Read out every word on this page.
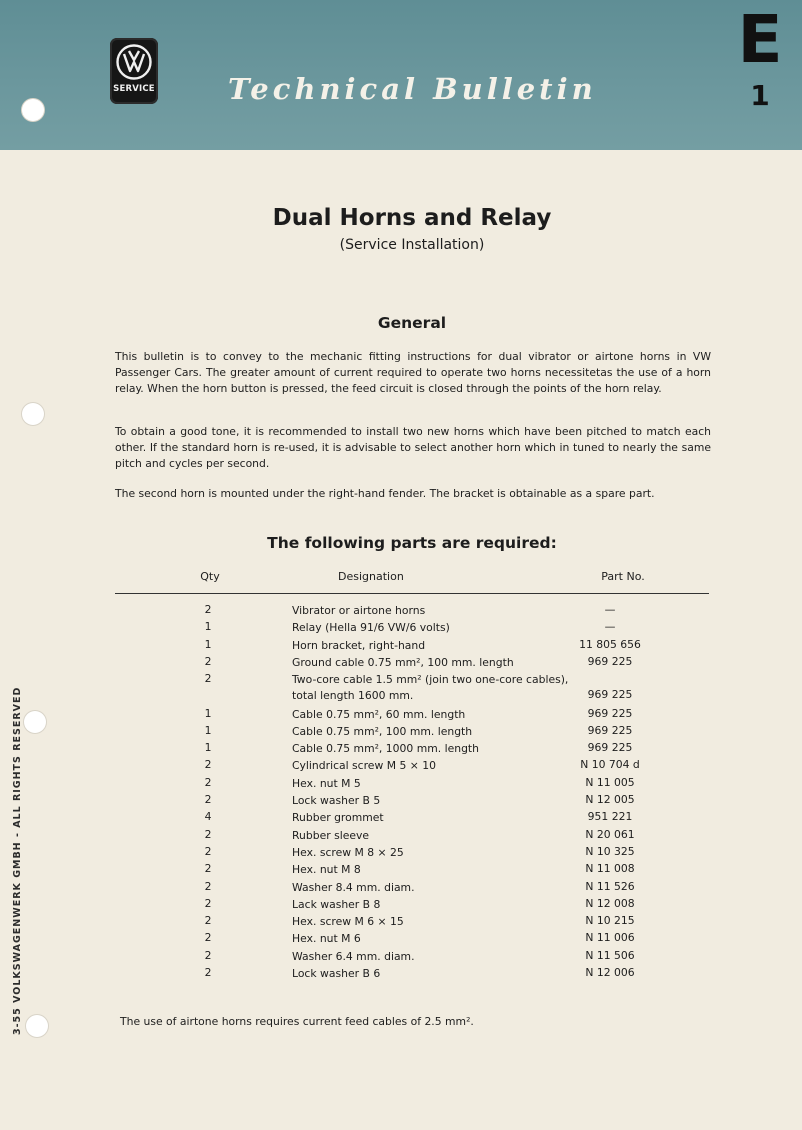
SERVICE	Technical Bulletin
E
1
3-55 VOLKSWAGENWERK GMBH - ALL RIGHTS RESERVED
Dual Horns and Relay
(Service Installation)
General
This bulletin is to convey to the mechanic fitting instructions for dual vibrator or airtone horns in VW Passenger Cars. The greater amount of current required to operate two horns necessitetas the use of a horn relay. When the horn button is pressed, the feed circuit is closed through the points of the horn relay.
To obtain a good tone, it is recommended to install two new horns which have been pitched to match each other. If the standard horn is re-used, it is advisable to select another horn which in tuned to nearly the same pitch and cycles per second.
The second horn is mounted under the right-hand fender. The bracket is obtainable as a spare part.
The following parts are required:
Qty	Designation	Part No.
2	Vibrator or airtone horns	—
1	Relay (Hella 91/6 VW/6 volts)	—
1	Horn bracket, right-hand	11 805 656
2	Ground cable 0.75 mm², 100 mm. length	969 225
2	Two-core cable 1.5 mm² (join two one-core cables), total length 1600 mm.	969 225
1	Cable 0.75 mm², 60 mm. length	969 225
1	Cable 0.75 mm², 100 mm. length	969 225
1	Cable 0.75 mm², 1000 mm. length	969 225
2	Cylindrical screw M 5 × 10	N 10 704 d
2	Hex. nut M 5	N 11 005
2	Lock washer B 5	N 12 005
4	Rubber grommet	951 221
2	Rubber sleeve	N 20 061
2	Hex. screw M 8 × 25	N 10 325
2	Hex. nut M 8	N 11 008
2	Washer 8.4 mm. diam.	N 11 526
2	Lack washer B 8	N 12 008
2	Hex. screw M 6 × 15	N 10 215
2	Hex. nut M 6	N 11 006
2	Washer 6.4 mm. diam.	N 11 506
2	Lock washer B 6	N 12 006
The use of airtone horns requires current feed cables of 2.5 mm².
